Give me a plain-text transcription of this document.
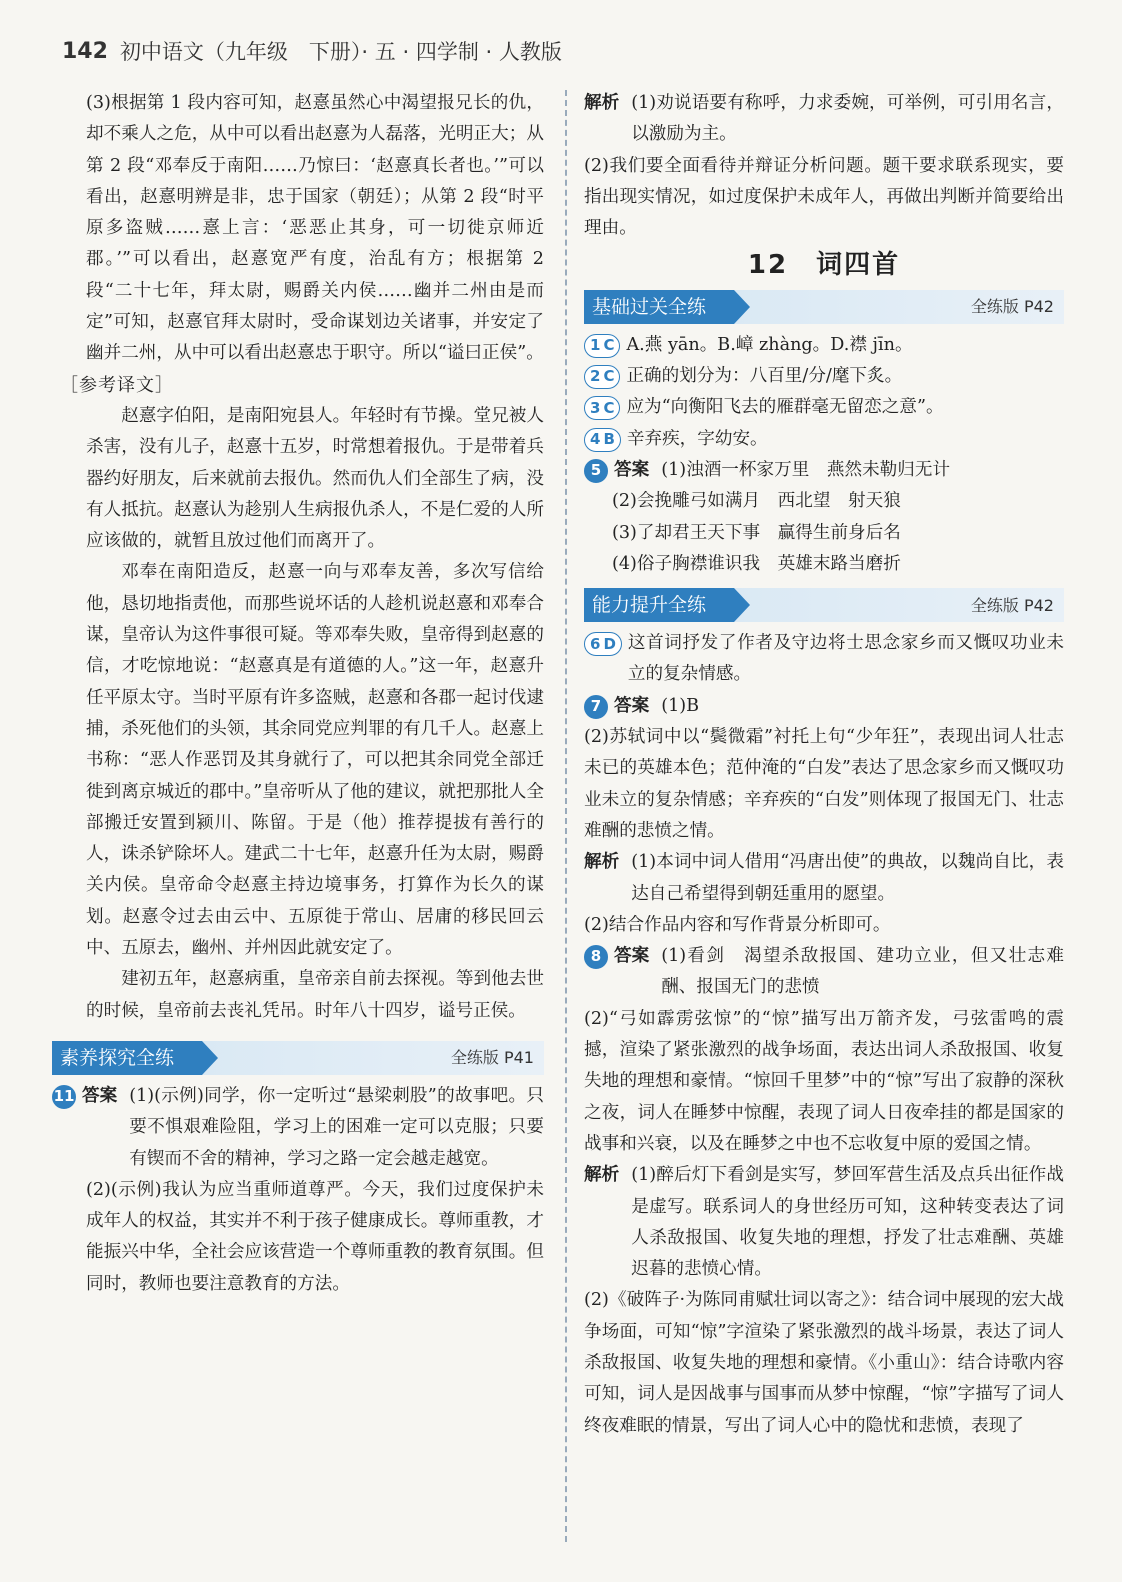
142 初中语文（九年级　下册）· 五 · 四学制 · 人教版

(3)根据第 1 段内容可知，赵憙虽然心中渴望报兄长的仇，却不乘人之危，从中可以看出赵憙为人磊落，光明正大；从第 2 段“邓奉反于南阳……乃惊曰：‘赵憙真长者也。’”可以看出，赵憙明辨是非，忠于国家（朝廷）；从第 2 段“时平原多盗贼……憙上言：‘恶恶止其身，可一切徙京师近郡。’”可以看出，赵憙宽严有度，治乱有方；根据第 2 段“二十七年，拜太尉，赐爵关内侯……幽并二州由是而定”可知，赵憙官拜太尉时，受命谋划边关诸事，并安定了幽并二州，从中可以看出赵憙忠于职守。所以“谥曰正侯”。

［参考译文］

赵憙字伯阳，是南阳宛县人。年轻时有节操。堂兄被人杀害，没有儿子，赵憙十五岁，时常想着报仇。于是带着兵器约好朋友，后来就前去报仇。然而仇人们全部生了病，没有人抵抗。赵憙认为趁别人生病报仇杀人，不是仁爱的人所应该做的，就暂且放过他们而离开了。

邓奉在南阳造反，赵憙一向与邓奉友善，多次写信给他，恳切地指责他，而那些说坏话的人趁机说赵憙和邓奉合谋，皇帝认为这件事很可疑。等邓奉失败，皇帝得到赵憙的信，才吃惊地说：“赵憙真是有道德的人。”这一年，赵憙升任平原太守。当时平原有许多盗贼，赵憙和各郡一起讨伐逮捕，杀死他们的头领，其余同党应判罪的有几千人。赵憙上书称：“恶人作恶罚及其身就行了，可以把其余同党全部迁徙到离京城近的郡中。”皇帝听从了他的建议，就把那批人全部搬迁安置到颍川、陈留。于是（他）推荐提拔有善行的人，诛杀铲除坏人。建武二十七年，赵憙升任为太尉，赐爵关内侯。皇帝命令赵憙主持边境事务，打算作为长久的谋划。赵憙令过去由云中、五原徙于常山、居庸的移民回云中、五原去，幽州、并州因此就安定了。

建初五年，赵憙病重，皇帝亲自前去探视。等到他去世的时候，皇帝前去丧礼凭吊。时年八十四岁，谥号正侯。

素养探究全练	全练版 P41
11 答案 (1)(示例)同学，你一定听过“悬梁刺股”的故事吧。只要不惧艰难险阻，学习上的困难一定可以克服；只要有锲而不舍的精神，学习之路一定会越走越宽。

(2)(示例)我认为应当重师道尊严。今天，我们过度保护未成年人的权益，其实并不利于孩子健康成长。尊师重教，才能振兴中华，全社会应该营造一个尊师重教的教育氛围。但同时，教师也要注意教育的方法。

解析 (1)劝说语要有称呼，力求委婉，可举例，可引用名言，以激励为主。

(2)我们要全面看待并辩证分析问题。题干要求联系现实，要指出现实情况，如过度保护未成年人，再做出判断并简要给出理由。

12　词四首
基础过关全练	全练版 P42
1 C A.燕 yān。B.嶂 zhàng。D.襟 jīn。
2 C 正确的划分为：八百里/分/麾下炙。
3 C 应为“向衡阳飞去的雁群毫无留恋之意”。
4 B 辛弃疾，字幼安。
5 答案 (1)浊酒一杯家万里　燕然未勒归无计

(2)会挽雕弓如满月　西北望　射天狼

(3)了却君王天下事　赢得生前身后名

(4)俗子胸襟谁识我　英雄末路当磨折

能力提升全练	全练版 P42
6 D 这首词抒发了作者及守边将士思念家乡而又慨叹功业未立的复杂情感。
7 答案 (1)B

(2)苏轼词中以“鬓微霜”衬托上句“少年狂”，表现出词人壮志未已的英雄本色；范仲淹的“白发”表达了思念家乡而又慨叹功业未立的复杂情感；辛弃疾的“白发”则体现了报国无门、壮志难酬的悲愤之情。

解析 (1)本词中词人借用“冯唐出使”的典故，以魏尚自比，表达自己希望得到朝廷重用的愿望。

(2)结合作品内容和写作背景分析即可。

8 答案 (1)看剑　渴望杀敌报国、建功立业，但又壮志难酬、报国无门的悲愤

(2)“弓如霹雳弦惊”的“惊”描写出万箭齐发，弓弦雷鸣的震撼，渲染了紧张激烈的战争场面，表达出词人杀敌报国、收复失地的理想和豪情。“惊回千里梦”中的“惊”写出了寂静的深秋之夜，词人在睡梦中惊醒，表现了词人日夜牵挂的都是国家的战事和兴衰，以及在睡梦之中也不忘收复中原的爱国之情。

解析 (1)醉后灯下看剑是实写，梦回军营生活及点兵出征作战是虚写。联系词人的身世经历可知，这种转变表达了词人杀敌报国、收复失地的理想，抒发了壮志难酬、英雄迟暮的悲愤心情。

(2)《破阵子·为陈同甫赋壮词以寄之》：结合词中展现的宏大战争场面，可知“惊”字渲染了紧张激烈的战斗场景，表达了词人杀敌报国、收复失地的理想和豪情。《小重山》：结合诗歌内容可知，词人是因战事与国事而从梦中惊醒，“惊”字描写了词人终夜难眠的情景，写出了词人心中的隐忧和悲愤，表现了
